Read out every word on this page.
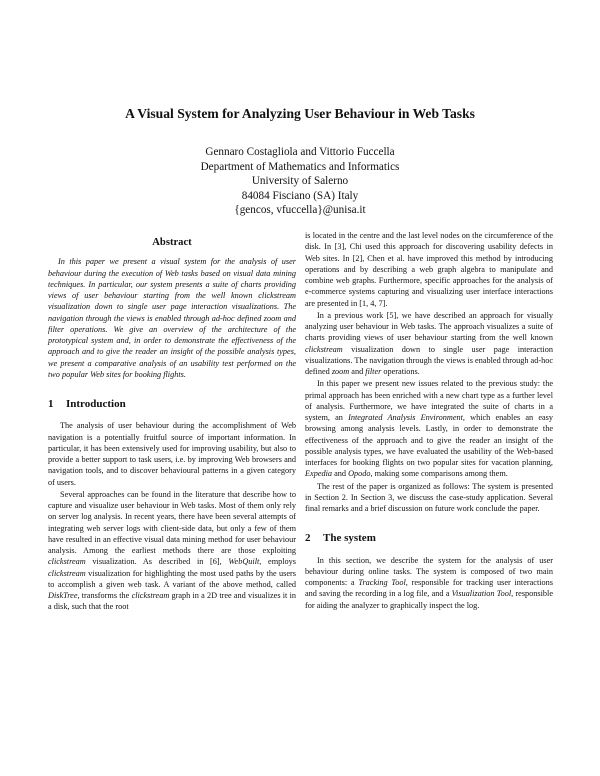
A Visual System for Analyzing User Behaviour in Web Tasks
Gennaro Costagliola and Vittorio Fuccella
Department of Mathematics and Informatics
University of Salerno
84084 Fisciano (SA) Italy
{gencos, vfuccella}@unisa.it
Abstract

In this paper we present a visual system for the analysis of user behaviour during the execution of Web tasks based on visual data mining techniques. In particular, our system presents a suite of charts providing views of user behaviour starting from the well known clickstream visualization down to single user page interaction visualizations. The navigation through the views is enabled through ad-hoc defined zoom and filter operations. We give an overview of the architecture of the prototypical system and, in order to demonstrate the effectiveness of the approach and to give the reader an insight of the possible analysis types, we present a comparative analysis of an usability test performed on the two popular Web sites for booking flights.

1 Introduction

The analysis of user behaviour during the accomplishment of Web navigation is a potentially fruitful source of important information. In particular, it has been extensively used for improving usability, but also to provide a better support to task users, i.e. by improving Web browsers and navigation tools, and to discover behavioural patterns in a given category of users.

Several approaches can be found in the literature that describe how to capture and visualize user behaviour in Web tasks. Most of them only rely on server log analysis. In recent years, there have been several attempts of integrating web server logs with client-side data, but only a few of them have resulted in an effective visual data mining method for user behaviour analysis. Among the earliest methods there are those exploiting clickstream visualization. As described in [6], WebQuilt, employs clickstream visualization for highlighting the most used paths by the users to accomplish a given web task. A variant of the above method, called DiskTree, transforms the clickstream graph in a 2D tree and visualizes it in a disk, such that the root

is located in the centre and the last level nodes on the circumference of the disk. In [3], Chi used this approach for discovering usability defects in Web sites. In [2], Chen et al. have improved this method by introducing operations and by describing a web graph algebra to manipulate and combine web graphs. Furthermore, specific approaches for the analysis of e-commerce systems capturing and visualizing user interface interactions are presented in [1, 4, 7].

In a previous work [5], we have described an approach for visually analyzing user behaviour in Web tasks. The approach visualizes a suite of charts providing views of user behaviour starting from the well known clickstream visualization down to single user page interaction visualizations. The navigation through the views is enabled through ad-hoc defined zoom and filter operations.

In this paper we present new issues related to the previous study: the primal approach has been enriched with a new chart type as a further level of analysis. Furthermore, we have integrated the suite of charts in a system, an Integrated Analysis Environment, which enables an easy browsing among analysis levels. Lastly, in order to demonstrate the effectiveness of the approach and to give the reader an insight of the possible analysis types, we have evaluated the usability of the Web-based interfaces for booking flights on two popular sites for vacation planning, Expedia and Opodo, making some comparisons among them.

The rest of the paper is organized as follows: The system is presented in Section 2. In Section 3, we discuss the case-study application. Several final remarks and a brief discussion on future work conclude the paper.

2 The system

In this section, we describe the system for the analysis of user behaviour during online tasks. The system is composed of two main components: a Tracking Tool, responsible for tracking user interactions and saving the recording in a log file, and a Visualization Tool, responsible for aiding the analyzer to graphically inspect the log.
